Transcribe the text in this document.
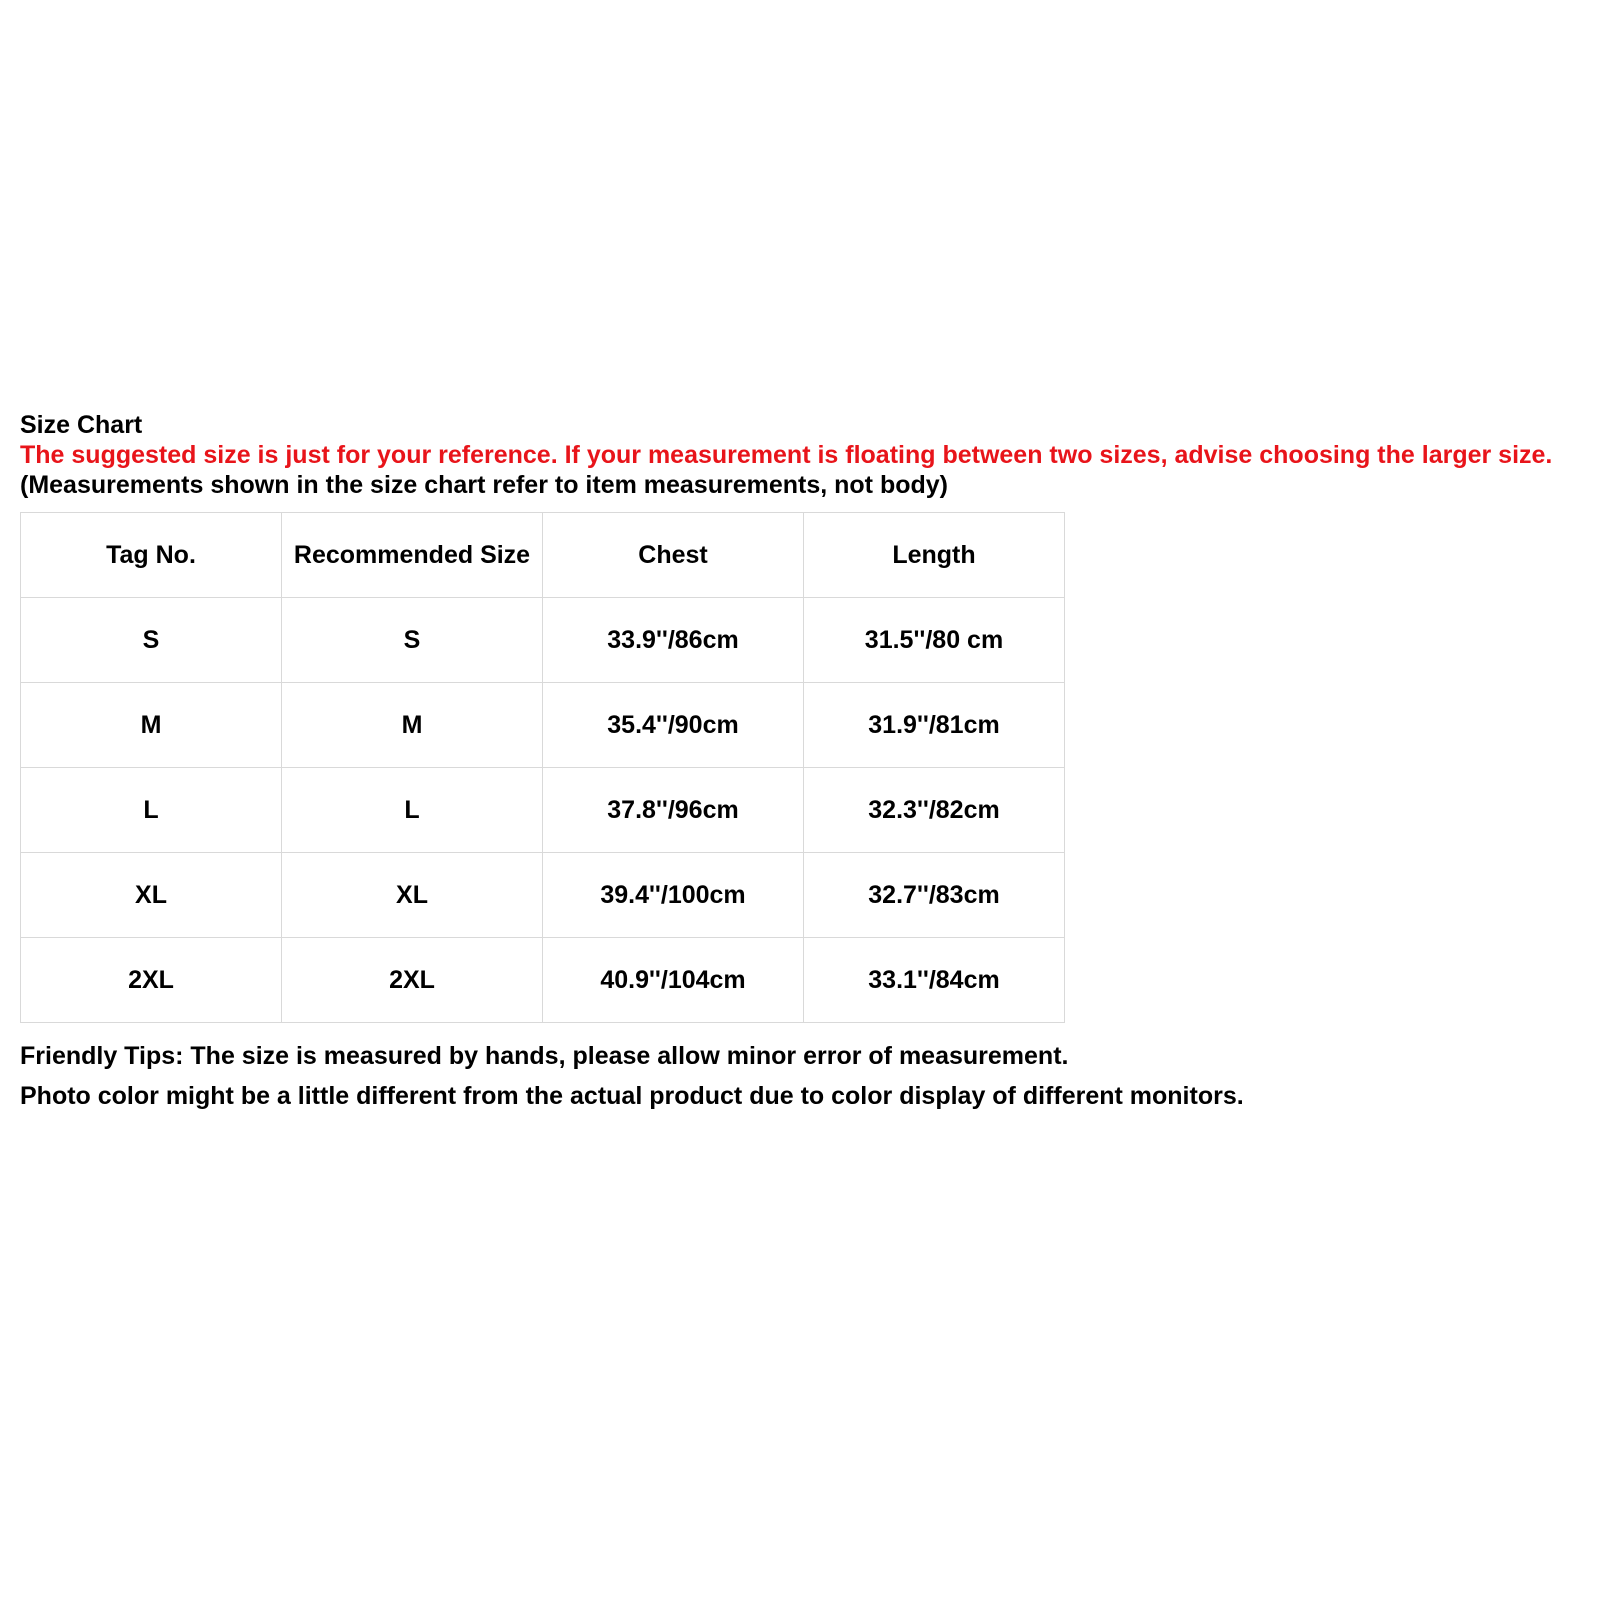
Size Chart

The suggested size is just for your reference. If your measurement is floating between two sizes, advise choosing the larger size.

(Measurements shown in the size chart refer to item measurements, not body)

Tag No.	Recommended Size	Chest	Length
S	S	33.9''/86cm	31.5''/80 cm
M	M	35.4''/90cm	31.9''/81cm
L	L	37.8''/96cm	32.3''/82cm
XL	XL	39.4''/100cm	32.7''/83cm
2XL	2XL	40.9''/104cm	33.1''/84cm

Friendly Tips: The size is measured by hands, please allow minor error of measurement.

Photo color might be a little different from the actual product due to color display of different monitors.
